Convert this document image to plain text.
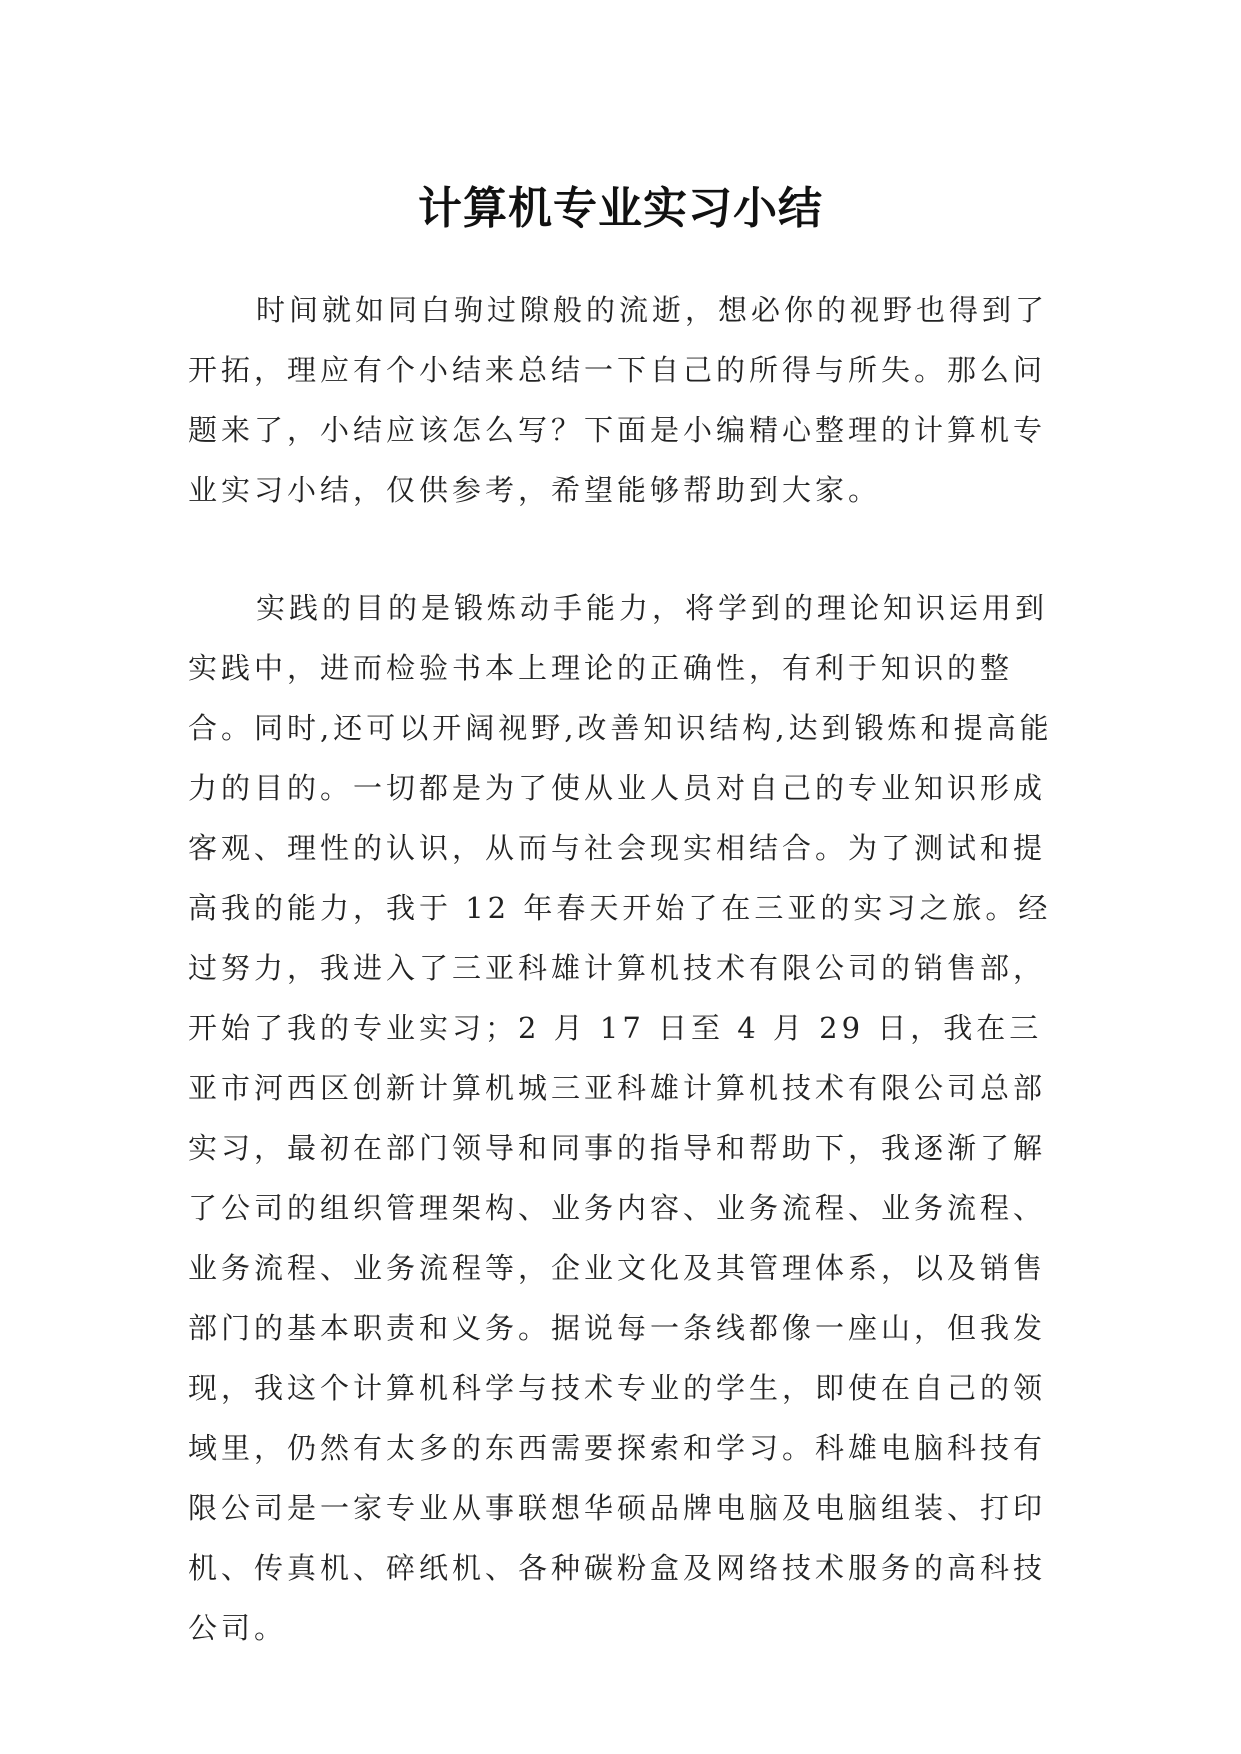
计算机专业实习小结

时间就如同白驹过隙般的流逝，想必你的视野也得到了开拓，理应有个小结来总结一下自己的所得与所失。那么问题来了，小结应该怎么写？下面是小编精心整理的计算机专业实习小结，仅供参考，希望能够帮助到大家。

实践的目的是锻炼动手能力，将学到的理论知识运用到实践中，进而检验书本上理论的正确性，有利于知识的整合。同时,还可以开阔视野,改善知识结构,达到锻炼和提高能力的目的。一切都是为了使从业人员对自己的专业知识形成客观、理性的认识，从而与社会现实相结合。为了测试和提高我的能力，我于 12 年春天开始了在三亚的实习之旅。经过努力，我进入了三亚科雄计算机技术有限公司的销售部，开始了我的专业实习；2 月 17 日至 4 月 29 日，我在三亚市河西区创新计算机城三亚科雄计算机技术有限公司总部实习，最初在部门领导和同事的指导和帮助下，我逐渐了解了公司的组织管理架构、业务内容、业务流程、业务流程、业务流程、业务流程等，企业文化及其管理体系，以及销售部门的基本职责和义务。据说每一条线都像一座山，但我发现，我这个计算机科学与技术专业的学生，即使在自己的领域里，仍然有太多的东西需要探索和学习。科雄电脑科技有限公司是一家专业从事联想华硕品牌电脑及电脑组装、打印机、传真机、碎纸机、各种碳粉盒及网络技术服务的高科技公司。
